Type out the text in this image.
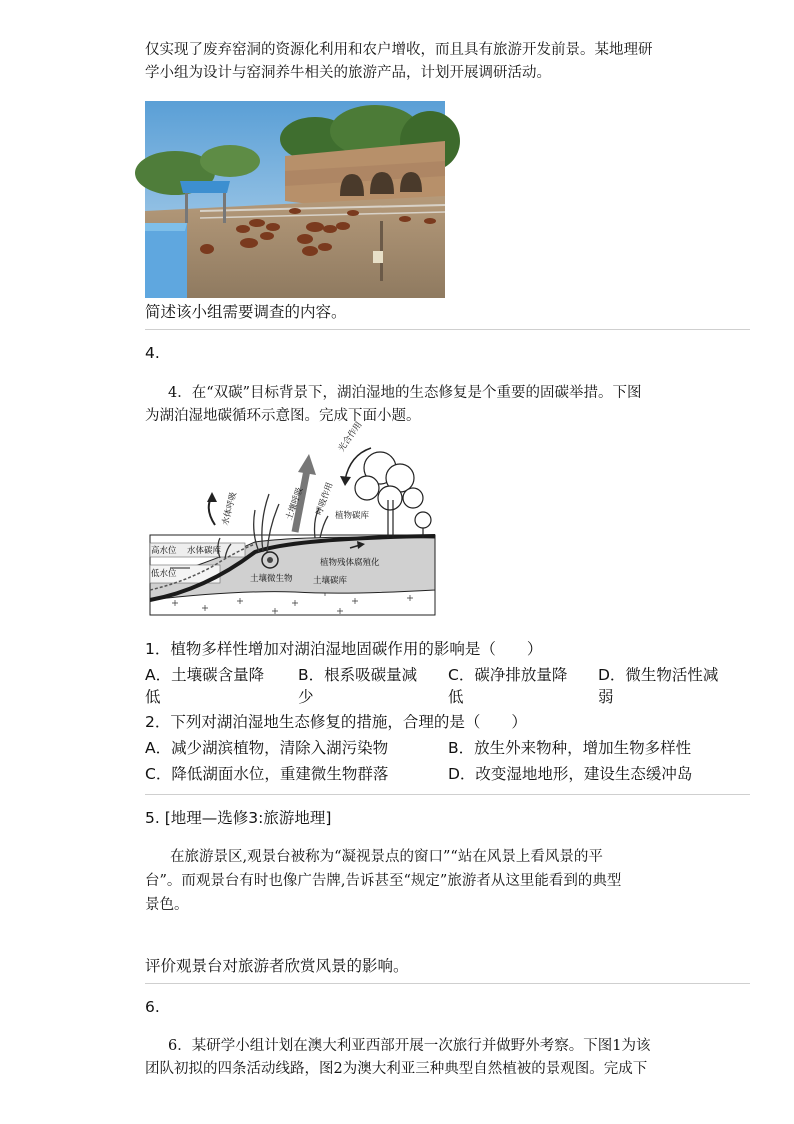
仅实现了废弃窑洞的资源化利用和农户增收，而且具有旅游开发前景。某地理研
学小组为设计与窑洞养牛相关的旅游产品，计划开展调研活动。
简述该小组需要调查的内容。
4.
4．在“双碳”目标背景下，湖泊湿地的生态修复是个重要的固碳举措。下图
为湖泊湿地碳循环示意图。完成下面小题。
光合作用
土壤呼吸 呼吸作用
水体呼吸	植物碳库
高水位 水体碳库
低水位	土壤微生物
植物残体腐殖化
土壤碳库
1．植物多样性增加对湖泊湿地固碳作用的影响是（　　）
A．土壤碳含量降
低
B．根系吸碳量减
少
C．碳净排放量降
低
D．微生物活性减
弱
2．下列对湖泊湿地生态修复的措施，合理的是（　　）
A．减少湖滨植物，清除入湖污染物	B．放生外来物种，增加生物多样性
C．降低湖面水位，重建微生物群落	D．改变湿地地形，建设生态缓冲岛
5. [地理—选修3:旅游地理]
在旅游景区,观景台被称为“凝视景点的窗口”“站在风景上看风景的平
台”。而观景台有时也像广告牌,告诉甚至“规定”旅游者从这里能看到的典型
景色。
评价观景台对旅游者欣赏风景的影响。
6.
6．某研学小组计划在澳大利亚西部开展一次旅行并做野外考察。下图1为该
团队初拟的四条活动线路，图2为澳大利亚三种典型自然植被的景观图。完成下
